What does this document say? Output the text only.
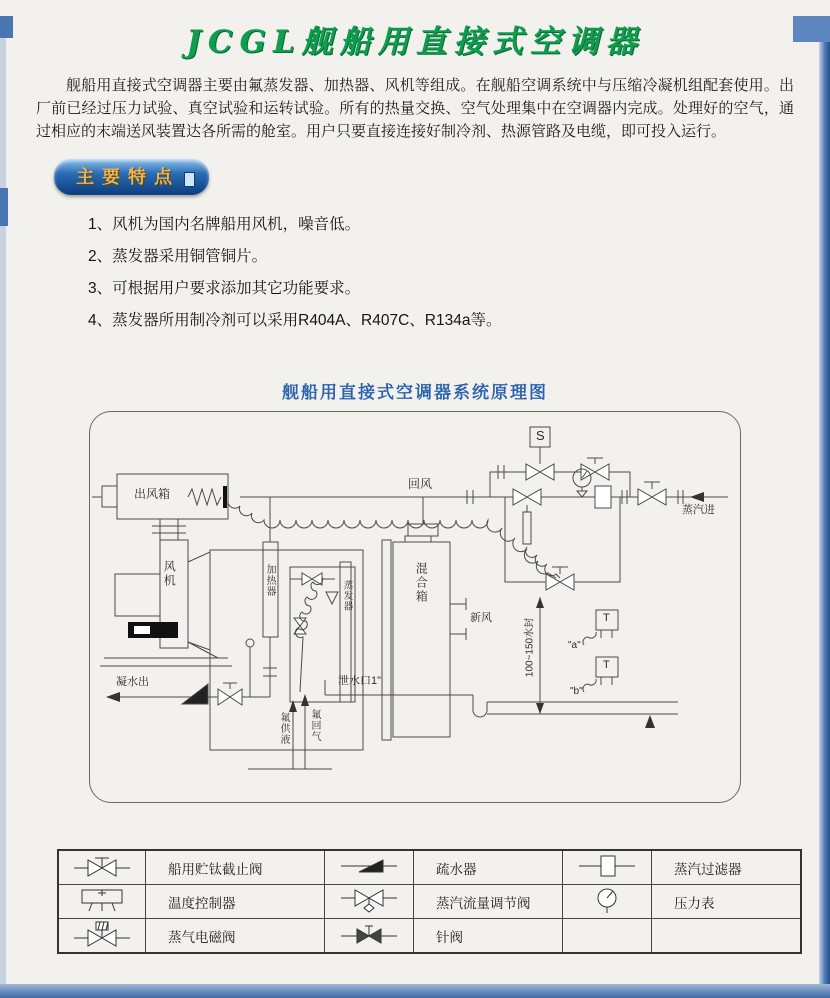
JCGL舰船用直接式空调器
舰船用直接式空调器主要由氟蒸发器、加热器、风机等组成。在舰船空调系统中与压缩冷凝机组配套使用。出厂前已经过压力试验、真空试验和运转试验。所有的热量交换、空气处理集中在空调器内完成。处理好的空气，通过相应的末端送风装置达各所需的舱室。用户只要直接连接好制冷剂、热源管路及电缆，即可投入运行。
主要特点
1、风机为国内名牌船用风机，噪音低。
2、蒸发器采用铜管铜片。
3、可根据用户要求添加其它功能要求。
4、蒸发器所用制冷剂可以采用R404A、R407C、R134a等。
舰船用直接式空调器系统原理图
出风箱
回风
蒸汽进
S
风机	加热器	蒸发器	混合箱
新风
凝水出	泄水口1"
100~150水封	"a"
"b"
T
T
氟供液 氟回气

船用贮钛截止阀		疏水器		蒸汽过滤器

温度控制器		蒸汽流量调节阀		压力表

蒸气电磁阀		针阀		
